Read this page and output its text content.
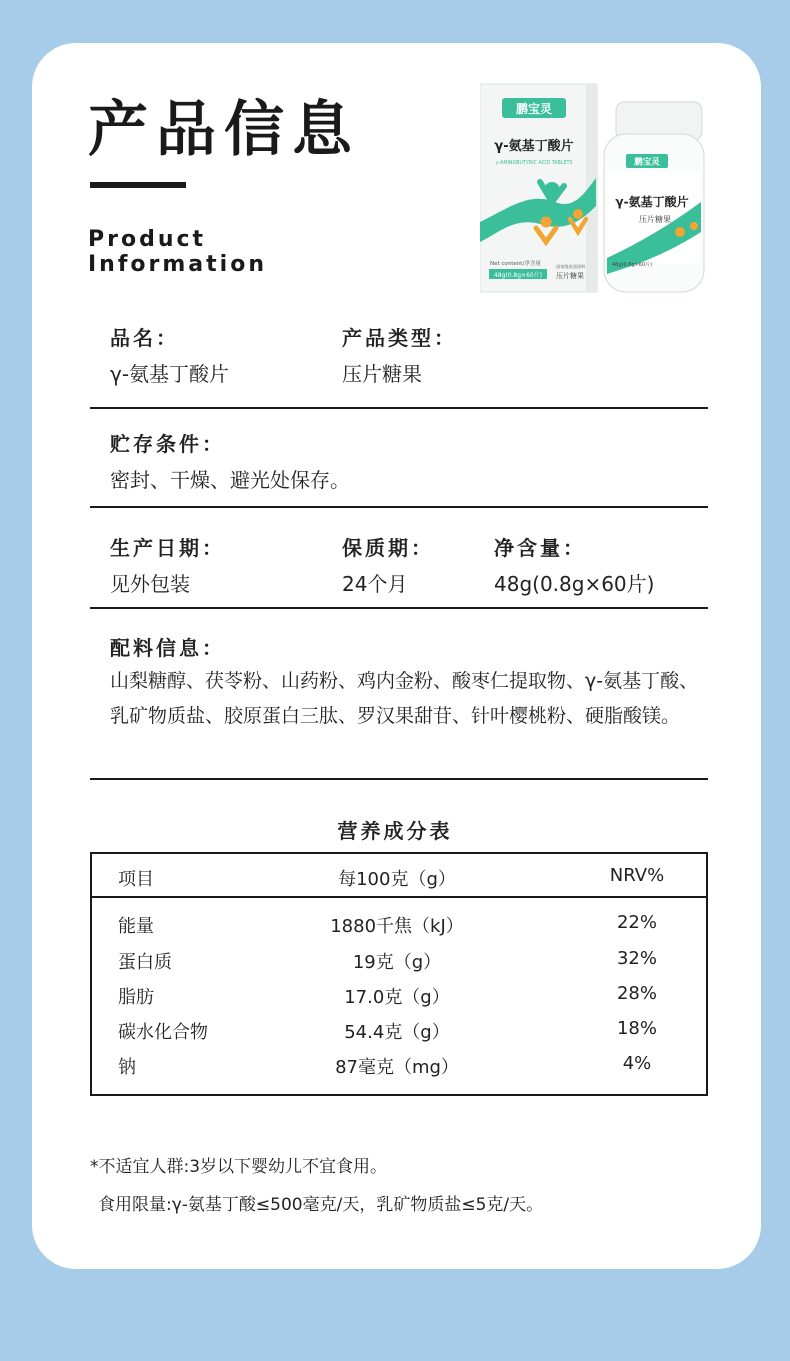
产品信息
Product
Information
鹏宝灵
γ-氨基丁酸片
γ-AMINOBUTYRIC ACID TABLETS
Net content/净含量
48g(0.8g×60片)
国家级优质原料
压片糖果
鹏宝灵
γ-氨基丁酸片
压片糖果
48g(0.8g×60片)
品名：
γ-氨基丁酸片
产品类型：
压片糖果
贮存条件：
密封、干燥、避光处保存。
生产日期：
见外包装
保质期：
24个月
净含量：
48g(0.8g×60片)
配料信息：

山梨糖醇、茯苓粉、山药粉、鸡内金粉、酸枣仁提取物、γ-氨基丁酸、乳矿物质盐、胶原蛋白三肽、罗汉果甜苷、针叶樱桃粉、硬脂酸镁。

营养成分表
项目	每100克（g）	NRV%
能量	1880千焦（kJ）	22%
蛋白质	19克（g）	32%
脂肪	17.0克（g）	28%
碳水化合物	54.4克（g）	18%
钠	87毫克（mg）	4%
*不适宜人群:3岁以下婴幼儿不宜食用。
食用限量:γ-氨基丁酸≤500毫克/天，乳矿物质盐≤5克/天。
